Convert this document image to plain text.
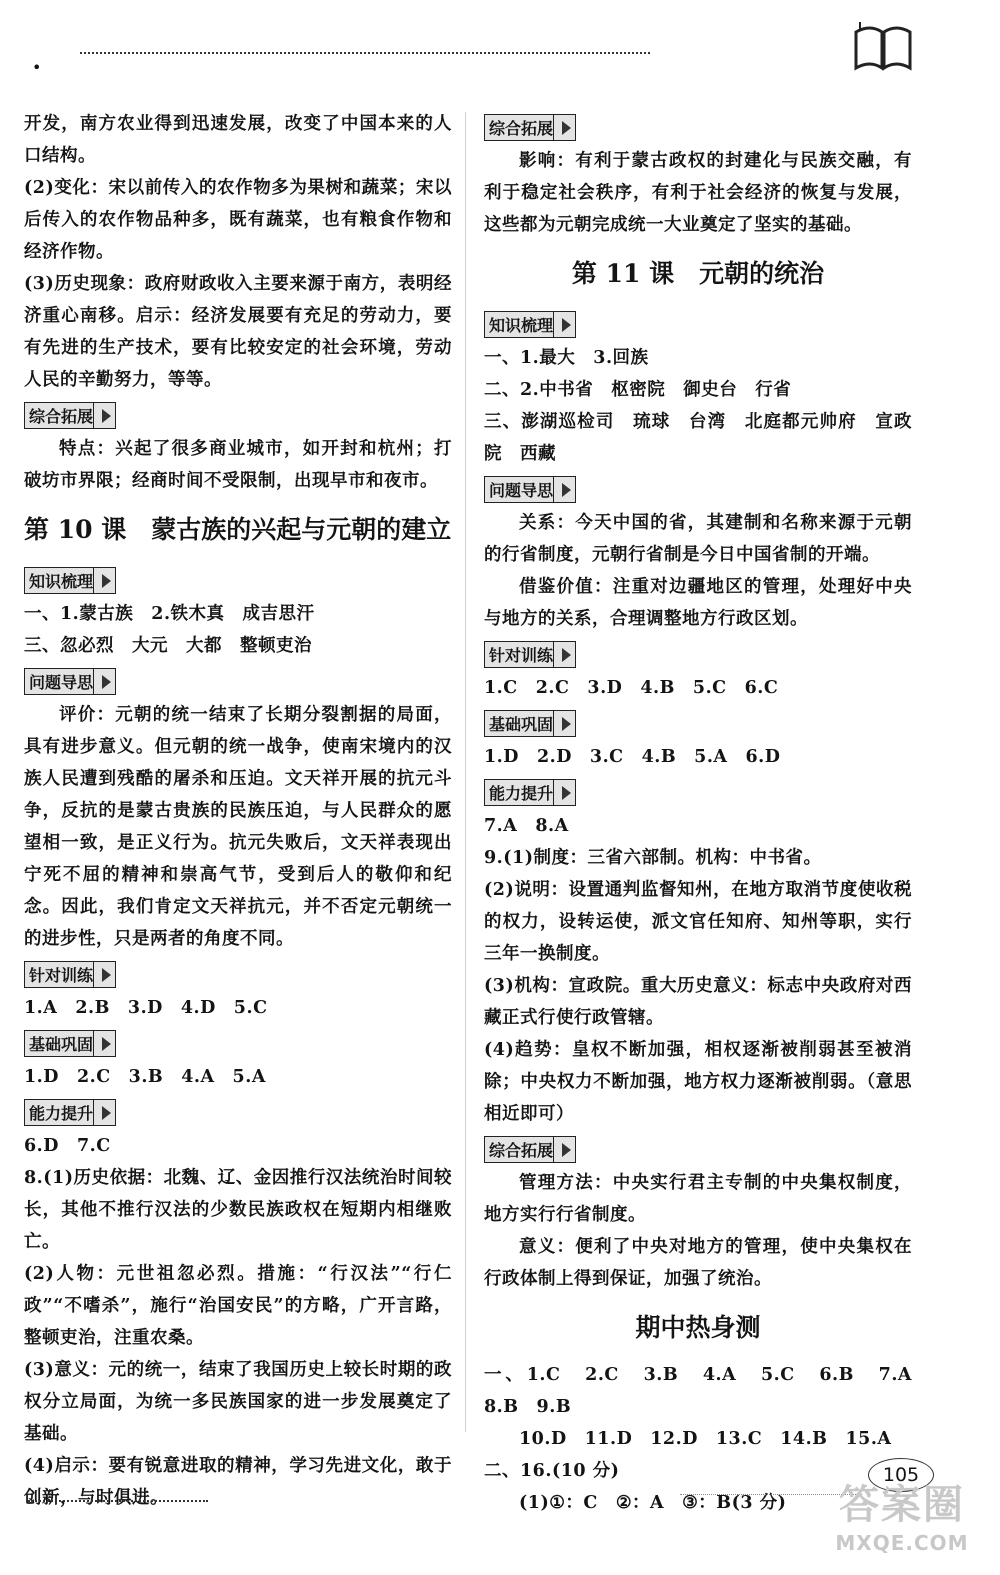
•

开发，南方农业得到迅速发展，改变了中国本来的人口结构。

(2)变化：宋以前传入的农作物多为果树和蔬菜；宋以后传入的农作物品种多，既有蔬菜，也有粮食作物和经济作物。

(3)历史现象：政府财政收入主要来源于南方，表明经济重心南移。启示：经济发展要有充足的劳动力，要有先进的生产技术，要有比较安定的社会环境，劳动人民的辛勤努力，等等。

综合拓展

特点：兴起了很多商业城市，如开封和杭州；打破坊市界限；经商时间不受限制，出现早市和夜市。

第 10 课　蒙古族的兴起与元朝的建立
知识梳理

一、1.蒙古族　2.铁木真　成吉思汗

三、忽必烈　大元　大都　整顿吏治

问题导思

评价：元朝的统一结束了长期分裂割据的局面，具有进步意义。但元朝的统一战争，使南宋境内的汉族人民遭到残酷的屠杀和压迫。文天祥开展的抗元斗争，反抗的是蒙古贵族的民族压迫，与人民群众的愿望相一致，是正义行为。抗元失败后，文天祥表现出宁死不屈的精神和崇高气节，受到后人的敬仰和纪念。因此，我们肯定文天祥抗元，并不否定元朝统一的进步性，只是两者的角度不同。

针对训练

1.A　2.B　3.D　4.D　5.C

基础巩固

1.D　2.C　3.B　4.A　5.A

能力提升

6.D　7.C

8.(1)历史依据：北魏、辽、金因推行汉法统治时间较长，其他不推行汉法的少数民族政权在短期内相继败亡。

(2)人物：元世祖忽必烈。措施：“行汉法”“行仁政”“不嗜杀”，施行“治国安民”的方略，广开言路，整顿吏治，注重农桑。

(3)意义：元的统一，结束了我国历史上较长时期的政权分立局面，为统一多民族国家的进一步发展奠定了基础。

(4)启示：要有锐意进取的精神，学习先进文化，敢于创新，与时俱进。

综合拓展

影响：有利于蒙古政权的封建化与民族交融，有利于稳定社会秩序，有利于社会经济的恢复与发展，这些都为元朝完成统一大业奠定了坚实的基础。

第 11 课　元朝的统治
知识梳理

一、1.最大　3.回族

二、2.中书省　枢密院　御史台　行省

三、澎湖巡检司　琉球　台湾　北庭都元帅府　宣政院　西藏

问题导思

关系：今天中国的省，其建制和名称来源于元朝的行省制度，元朝行省制是今日中国省制的开端。

借鉴价值：注重对边疆地区的管理，处理好中央与地方的关系，合理调整地方行政区划。

针对训练

1.C　2.C　3.D　4.B　5.C　6.C

基础巩固

1.D　2.D　3.C　4.B　5.A　6.D

能力提升

7.A　8.A

9.(1)制度：三省六部制。机构：中书省。

(2)说明：设置通判监督知州，在地方取消节度使收税的权力，设转运使，派文官任知府、知州等职，实行三年一换制度。

(3)机构：宣政院。重大历史意义：标志中央政府对西藏正式行使行政管辖。

(4)趋势：皇权不断加强，相权逐渐被削弱甚至被消除；中央权力不断加强，地方权力逐渐被削弱。（意思相近即可）

综合拓展

管理方法：中央实行君主专制的中央集权制度，地方实行行省制度。

意义：便利了中央对地方的管理，使中央集权在行政体制上得到保证，加强了统治。

期中热身测

一、1.C　2.C　3.B　4.A　5.C　6.B　7.A　8.B　9.B

10.D　11.D　12.D　13.C　14.B　15.A

二、16.(10 分)

(1)①：C　②：A　③：B(3 分)

105
答案圈
MXQE.COM
